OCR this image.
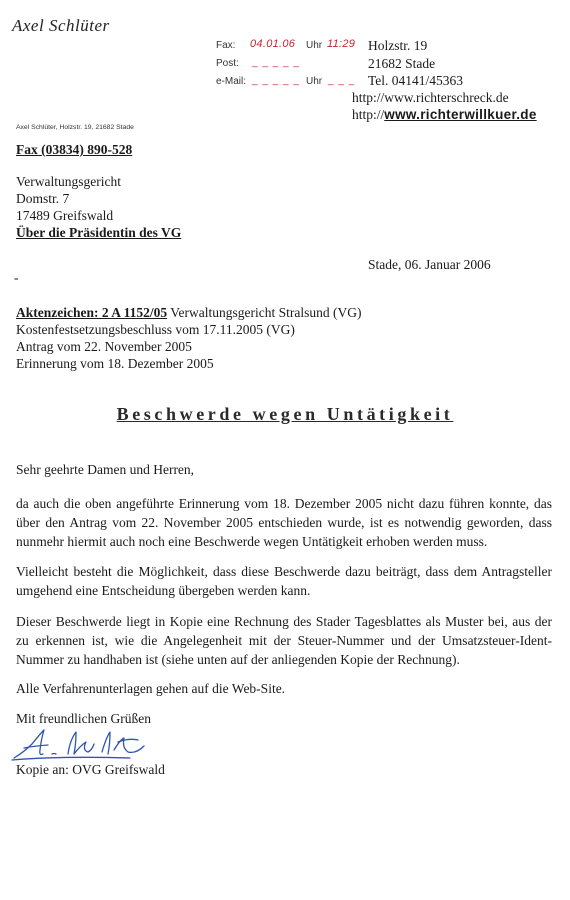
Axel Schlüter
Fax: 04.01.06 Uhr 11:29
Post: _ _ _ _ _
e-Mail: _ _ _ _ _ Uhr _ _ _
Holzstr. 19
21682 Stade
Tel. 04141/45363
http://www.richterschreck.de
http://www.richterwillkuer.de
Axel Schlüter, Holzstr. 19, 21682 Stade
Fax (03834) 890-528
Verwaltungsgericht
Domstr. 7
17489 Greifswald
Über die Präsidentin des VG
Stade, 06. Januar 2006
-
Aktenzeichen: 2 A 1152/05 Verwaltungsgericht Stralsund (VG)
Kostenfestsetzungsbeschluss vom 17.11.2005 (VG)
Antrag vom 22. November 2005
Erinnerung vom 18. Dezember 2005
Beschwerde wegen Untätigkeit
Sehr geehrte Damen und Herren,
da auch die oben angeführte Erinnerung vom 18. Dezember 2005 nicht dazu führen konnte, das über den Antrag vom 22. November 2005 entschieden wurde, ist es notwendig geworden, dass nunmehr hiermit auch noch eine Beschwerde wegen Untätigkeit erhoben werden muss.
Vielleicht besteht die Möglichkeit, dass diese Beschwerde dazu beiträgt, dass dem Antragsteller umgehend eine Entscheidung übergeben werden kann.
Dieser Beschwerde liegt in Kopie eine Rechnung des Stader Tagesblattes als Muster bei, aus der zu erkennen ist, wie die Angelegenheit mit der Steuer-Nummer und der Umsatzsteuer-Ident-Nummer zu handhaben ist (siehe unten auf der anliegenden Kopie der Rechnung).
Alle Verfahrenunterlagen gehen auf die Web-Site.
Mit freundlichen Grüßen
Kopie an: OVG Greifswald
